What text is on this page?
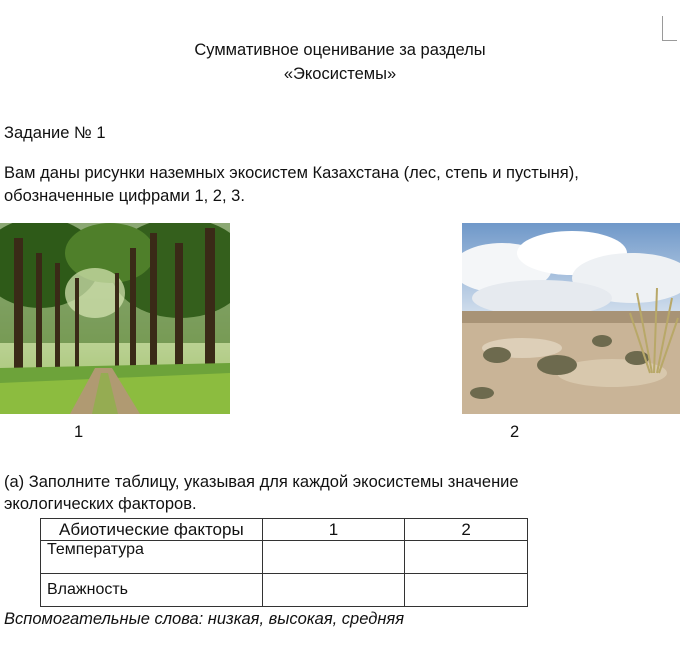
Суммативное оценивание за разделы
«Экосистемы»
Задание № 1
Вам даны рисунки наземных экосистем Казахстана (лес, степь и пустыня),
обозначенные цифрами 1, 2, 3.
1	2
(а) Заполните таблицу, указывая для каждой экосистемы значение
экологических факторов.
Абиотические факторы	1	2
Температура		
Влажность		
Вспомогательные слова: низкая, высокая, средняя
